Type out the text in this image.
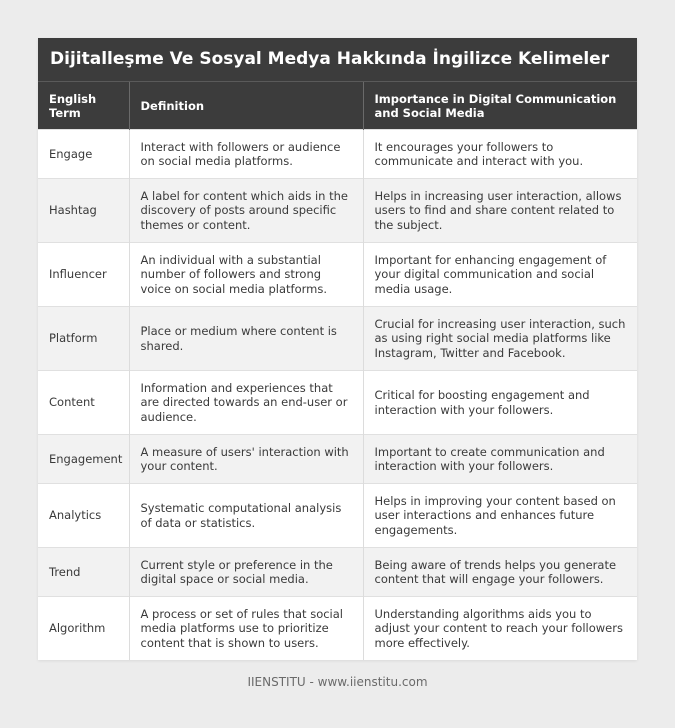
Dijitalleşme Ve Sosyal Medya Hakkında İngilizce Kelimeler
English Term	Definition	Importance in Digital Communication and Social Media
Engage	Interact with followers or audience on social media platforms.	It encourages your followers to communicate and interact with you.
Hashtag	A label for content which aids in the discovery of posts around specific themes or content.	Helps in increasing user interaction, allows users to find and share content related to the subject.
Influencer	An individual with a substantial number of followers and strong voice on social media platforms.	Important for enhancing engagement of your digital communication and social media usage.
Platform	Place or medium where content is shared.	Crucial for increasing user interaction, such as using right social media platforms like Instagram, Twitter and Facebook.
Content	Information and experiences that are directed towards an end-user or audience.	Critical for boosting engagement and interaction with your followers.
Engagement	A measure of users' interaction with your content.	Important to create communication and interaction with your followers.
Analytics	Systematic computational analysis of data or statistics.	Helps in improving your content based on user interactions and enhances future engagements.
Trend	Current style or preference in the digital space or social media.	Being aware of trends helps you generate content that will engage your followers.
Algorithm	A process or set of rules that social media platforms use to prioritize content that is shown to users.	Understanding algorithms aids you to adjust your content to reach your followers more effectively.
IIENSTITU - www.iienstitu.com
